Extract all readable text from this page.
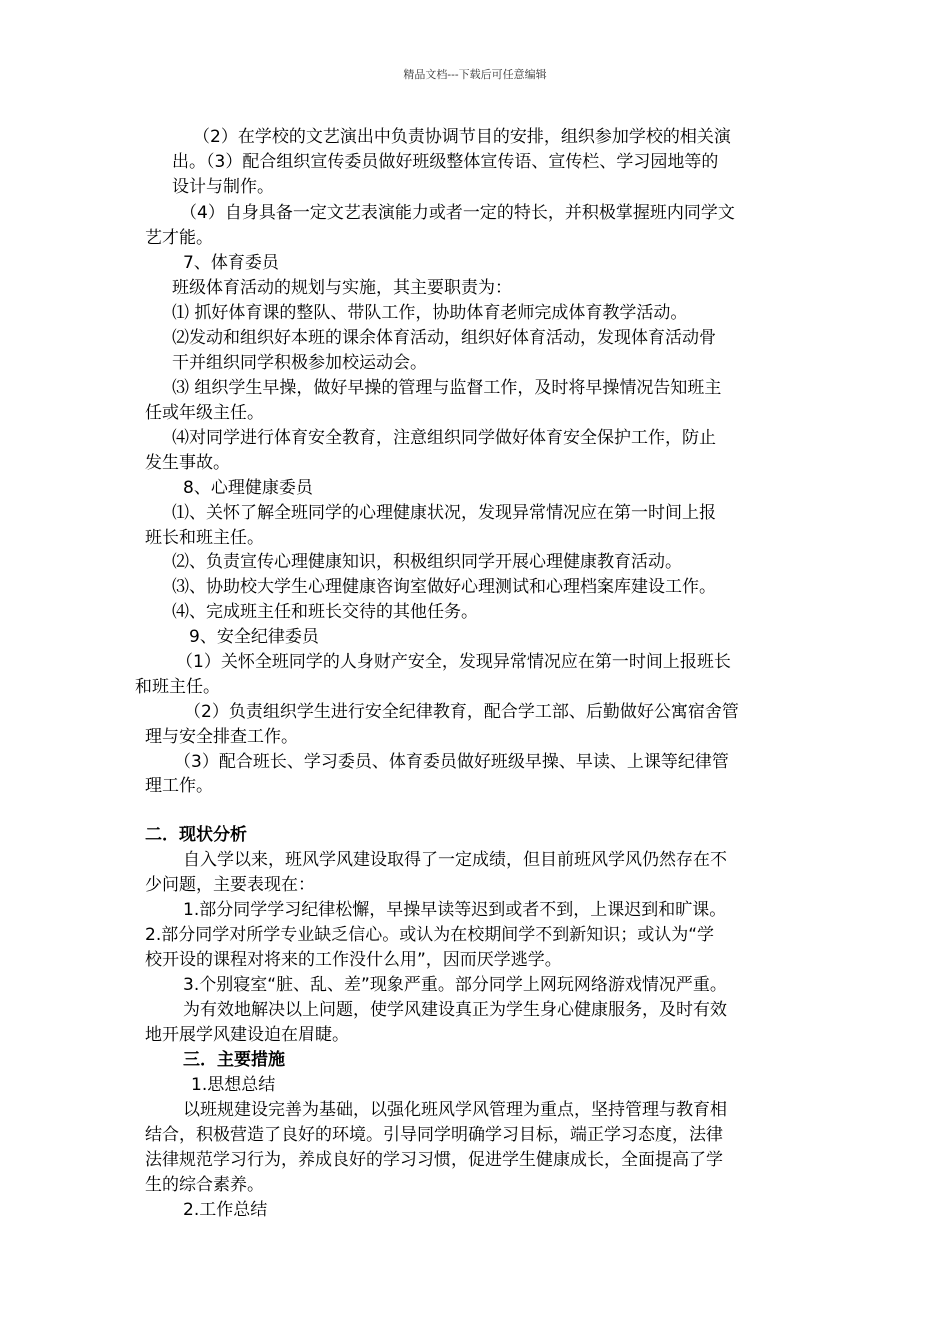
精品文档---下载后可任意编辑
（2）在学校的文艺演出中负责协调节目的安排，组织参加学校的相关演
出。（3）配合组织宣传委员做好班级整体宣传语、宣传栏、学习园地等的
设计与制作。
（4）自身具备一定文艺表演能力或者一定的特长，并积极掌握班内同学文
艺才能。
7、体育委员
班级体育活动的规划与实施，其主要职责为：
⑴ 抓好体育课的整队、带队工作，协助体育老师完成体育教学活动。
⑵发动和组织好本班的课余体育活动，组织好体育活动，发现体育活动骨
干并组织同学积极参加校运动会。
⑶ 组织学生早操，做好早操的管理与监督工作，及时将早操情况告知班主
任或年级主任。
⑷对同学进行体育安全教育，注意组织同学做好体育安全保护工作，防止
发生事故。
8、心理健康委员
⑴、关怀了解全班同学的心理健康状况，发现异常情况应在第一时间上报
班长和班主任。
⑵、负责宣传心理健康知识，积极组织同学开展心理健康教育活动。
⑶、协助校大学生心理健康咨询室做好心理测试和心理档案库建设工作。
⑷、完成班主任和班长交待的其他任务。
9、安全纪律委员
（1）关怀全班同学的人身财产安全，发现异常情况应在第一时间上报班长
和班主任。
（2）负责组织学生进行安全纪律教育，配合学工部、后勤做好公寓宿舍管
理与安全排查工作。
（3）配合班长、学习委员、体育委员做好班级早操、早读、上课等纪律管
理工作。
二．现状分析
自入学以来，班风学风建设取得了一定成绩，但目前班风学风仍然存在不
少问题，主要表现在：
1.部分同学学习纪律松懈，早操早读等迟到或者不到，上课迟到和旷课。
2.部分同学对所学专业缺乏信心。或认为在校期间学不到新知识；或认为“学
校开设的课程对将来的工作没什么用”，因而厌学逃学。
3.个别寝室“脏、乱、差”现象严重。部分同学上网玩网络游戏情况严重。
为有效地解决以上问题，使学风建设真正为学生身心健康服务，及时有效
地开展学风建设迫在眉睫。
三．主要措施
1.思想总结
以班规建设完善为基础，以强化班风学风管理为重点，坚持管理与教育相
结合，积极营造了良好的环境。引导同学明确学习目标，端正学习态度，法律
法律规范学习行为，养成良好的学习习惯，促进学生健康成长，全面提高了学
生的综合素养。
2.工作总结
